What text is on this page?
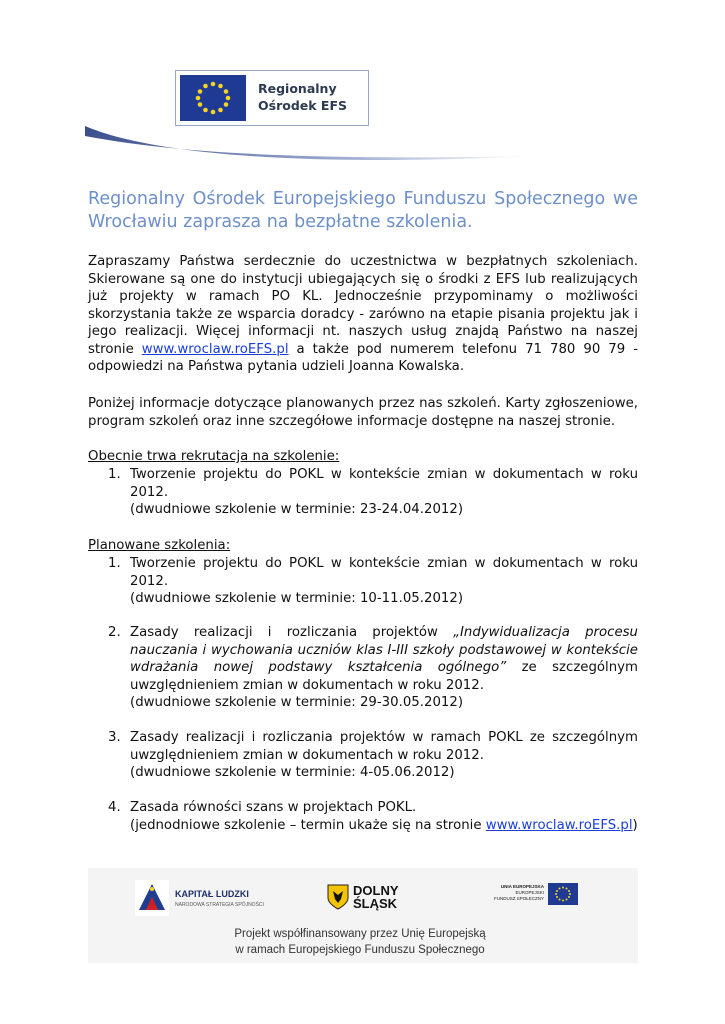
Regionalny
Ośrodek EFS
Regionalny Ośrodek Europejskiego Funduszu Społecznego we Wrocławiu zaprasza na bezpłatne szkolenia.
Zapraszamy Państwa serdecznie do uczestnictwa w bezpłatnych szkoleniach. Skierowane są one do instytucji ubiegających się o środki z EFS lub realizujących już projekty w ramach PO KL. Jednocześnie przypominamy o możliwości skorzystania także ze wsparcia doradcy - zarówno na etapie pisania projektu jak i jego realizacji. Więcej informacji nt. naszych usług znajdą Państwo na naszej stronie www.wroclaw.roEFS.pl a także pod numerem telefonu 71 780 90 79 - odpowiedzi na Państwa pytania udzieli Joanna Kowalska.
Poniżej informacje dotyczące planowanych przez nas szkoleń. Karty zgłoszeniowe, program szkoleń oraz inne szczegółowe informacje dostępne na naszej stronie.
Obecnie trwa rekrutacja na szkolenie:
1. Tworzenie projektu do POKL w kontekście zmian w dokumentach w roku 2012.
(dwudniowe szkolenie w terminie: 23-24.04.2012)
Planowane szkolenia:
1. Tworzenie projektu do POKL w kontekście zmian w dokumentach w roku 2012.
(dwudniowe szkolenie w terminie: 10-11.05.2012)
2. Zasady realizacji i rozliczania projektów „Indywidualizacja procesu nauczania i wychowania uczniów klas I-III szkoły podstawowej w kontekście wdrażania nowej podstawy kształcenia ogólnego” ze szczególnym uwzględnieniem zmian w dokumentach w roku 2012.
(dwudniowe szkolenie w terminie: 29-30.05.2012)
3. Zasady realizacji i rozliczania projektów w ramach POKL ze szczególnym uwzględnieniem zmian w dokumentach w roku 2012.
(dwudniowe szkolenie w terminie: 4-05.06.2012)
4. Zasada równości szans w projektach POKL.
(jednodniowe szkolenie – termin ukaże się na stronie www.wroclaw.roEFS.pl)
KAPITAŁ LUDZKI
NARODOWA STRATEGIA SPÓJNOŚCI
DOLNY
ŚLĄSK
UNIA EUROPEJSKA
EUROPEJSKI
FUNDUSZ SPOŁECZNY
Projekt współfinansowany przez Unię Europejską
w ramach Europejskiego Funduszu Społecznego
